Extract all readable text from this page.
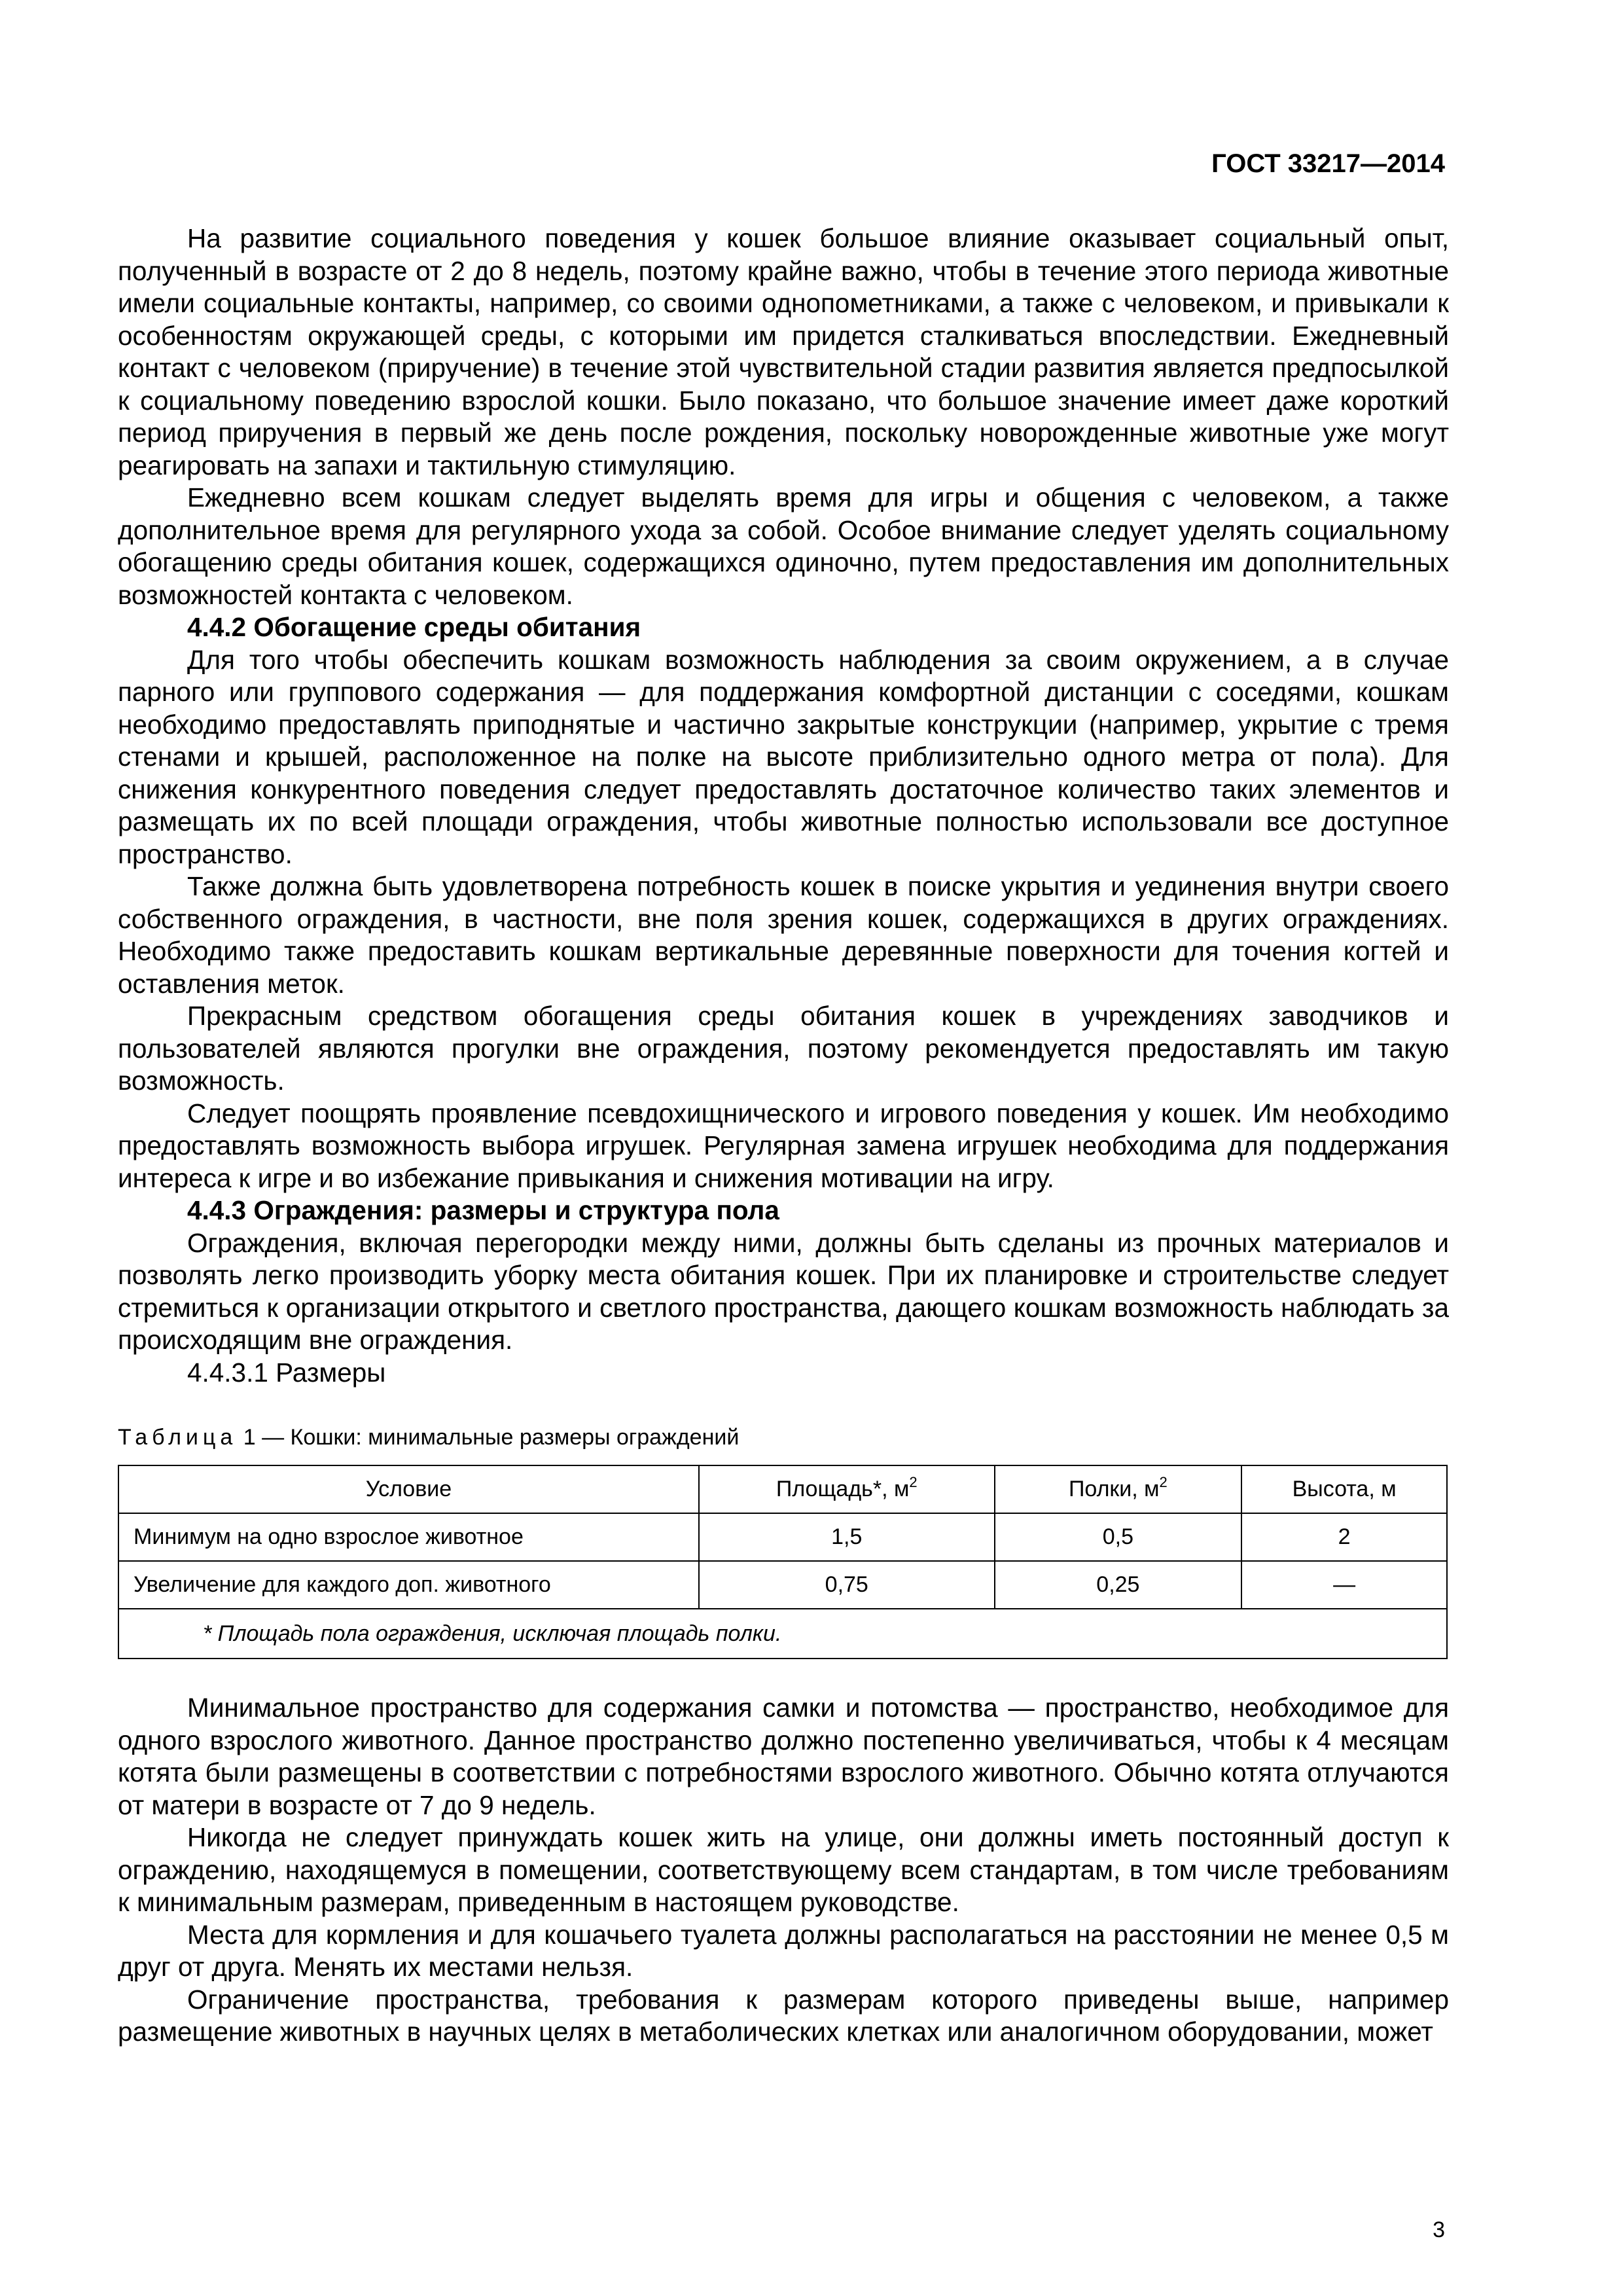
ГОСТ 33217—2014

На развитие социального поведения у кошек большое влияние оказывает социальный опыт, полученный в возрасте от 2 до 8 недель, поэтому крайне важно, чтобы в течение этого периода животные имели социальные контакты, например, со своими однопометниками, а также с человеком, и привыкали к особенностям окружающей среды, с которыми им придется сталкиваться впоследствии. Ежедневный контакт с человеком (приручение) в течение этой чувствительной стадии развития является предпосылкой к социальному поведению взрослой кошки. Было показано, что большое значение имеет даже короткий период приручения в первый же день после рождения, поскольку новорожденные животные уже могут реагировать на запахи и тактильную стимуляцию.

Ежедневно всем кошкам следует выделять время для игры и общения с человеком, а также дополнительное время для регулярного ухода за собой. Особое внимание следует уделять социальному обогащению среды обитания кошек, содержащихся одиночно, путем предоставления им дополнительных возможностей контакта с человеком.

4.4.2 Обогащение среды обитания

Для того чтобы обеспечить кошкам возможность наблюдения за своим окружением, а в случае парного или группового содержания — для поддержания комфортной дистанции с соседями, кошкам необходимо предоставлять приподнятые и частично закрытые конструкции (например, укрытие с тремя стенами и крышей, расположенное на полке на высоте приблизительно одного метра от пола). Для снижения конкурентного поведения следует предоставлять достаточное количество таких элементов и размещать их по всей площади ограждения, чтобы животные полностью использовали все доступное пространство.

Также должна быть удовлетворена потребность кошек в поиске укрытия и уединения внутри своего собственного ограждения, в частности, вне поля зрения кошек, содержащихся в других ограждениях. Необходимо также предоставить кошкам вертикальные деревянные поверхности для точения когтей и оставления меток.

Прекрасным средством обогащения среды обитания кошек в учреждениях заводчиков и пользователей являются прогулки вне ограждения, поэтому рекомендуется предоставлять им такую возможность.

Следует поощрять проявление псевдохищнического и игрового поведения у кошек. Им необходимо предоставлять возможность выбора игрушек. Регулярная замена игрушек необходима для поддержания интереса к игре и во избежание привыкания и снижения мотивации на игру.

4.4.3 Ограждения: размеры и структура пола

Ограждения, включая перегородки между ними, должны быть сделаны из прочных материалов и позволять легко производить уборку места обитания кошек. При их планировке и строительстве следует стремиться к организации открытого и светлого пространства, дающего кошкам возможность наблюдать за происходящим вне ограждения.

4.4.3.1 Размеры
Таблица 1 — Кошки: минимальные размеры ограждений
Условие	Площадь*, $м^2$	Полки, $м^2$	Высота, м
Минимум на одно взрослое животное	1,5	0,5	2
Увеличение для каждого доп. животного	0,75	0,25	—
* Площадь пола ограждения, исключая площадь полки.			

Минимальное пространство для содержания самки и потомства — пространство, необходимое для одного взрослого животного. Данное пространство должно постепенно увеличиваться, чтобы к 4 месяцам котята были размещены в соответствии с потребностями взрослого животного. Обычно котята отлучаются от матери в возрасте от 7 до 9 недель.

Никогда не следует принуждать кошек жить на улице, они должны иметь постоянный доступ к ограждению, находящемуся в помещении, соответствующему всем стандартам, в том числе требованиям к минимальным размерам, приведенным в настоящем руководстве.

Места для кормления и для кошачьего туалета должны располагаться на расстоянии не менее 0,5 м друг от друга. Менять их местами нельзя.

Ограничение пространства, требования к размерам которого приведены выше, например размещение животных в научных целях в метаболических клетках или аналогичном оборудовании, может

3
